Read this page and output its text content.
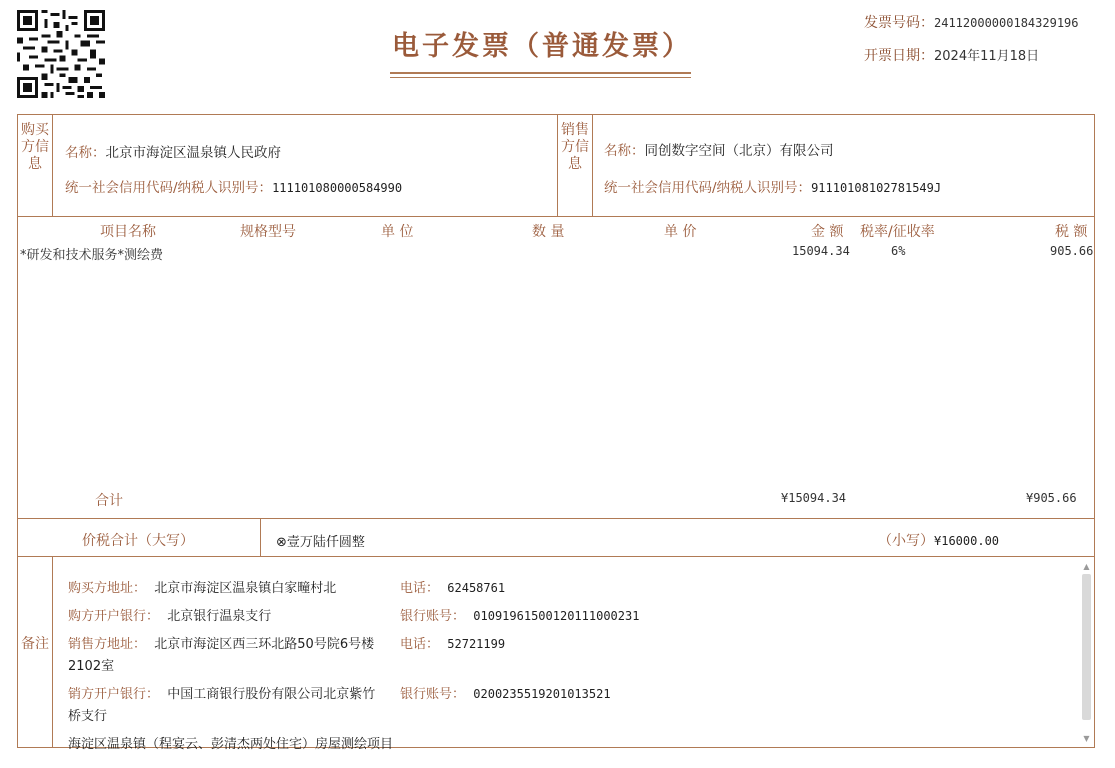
电子发票（普通发票）
发票号码：24112000000184329196
开票日期：2024年11月18日
购买方信息
名称：北京市海淀区温泉镇人民政府
统一社会信用代码/纳税人识别号：111101080000584990
销售方信息
名称：同创数字空间（北京）有限公司
统一社会信用代码/纳税人识别号：91110108102781549J
项目名称	规格型号	单 位	数 量	单 价	金 额 税率/征收率	税 额
*研发和技术服务*测绘费	15094.34	6%	905.66
合计	¥15094.34	¥905.66
价税合计（大写）	⊗壹万陆仟圆整	（小写）¥16000.00
备注
购买方地址： 北京市海淀区温泉镇白家疃村北	电话： 62458761
购方开户银行： 北京银行温泉支行	银行账号： 01091961500120111000231
销售方地址： 北京市海淀区西三环北路50号院6号楼
2102室
电话： 52721199
销方开户银行： 中国工商银行股份有限公司北京紫竹
桥支行
银行账号： 0200235519201013521
海淀区温泉镇（程宴云、彭清杰两处住宅）房屋测绘项目
▲
▼
